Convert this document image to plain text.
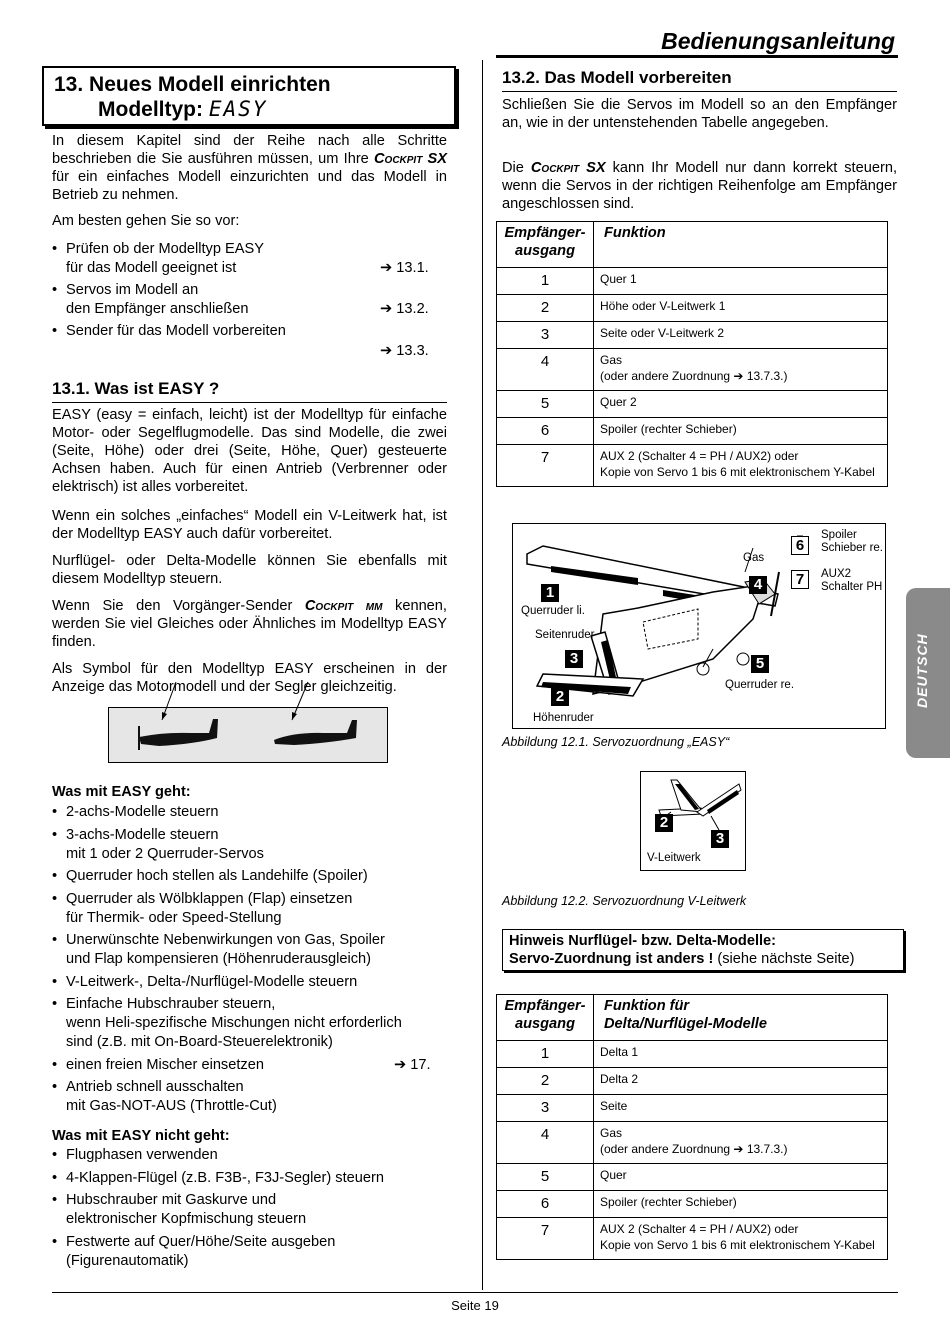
Bedienungsanleitung
13. Neues Modell einrichten
Modelltyp: EASY
In diesem Kapitel sind der Reihe nach alle Schritte beschrieben die Sie ausführen müssen, um Ihre Cockpit SX für ein einfaches Modell einzurichten und das Modell in Betrieb zu nehmen.
Am besten gehen Sie so vor:
• Prüfen ob der Modelltyp EASY
für das Modell geeignet ist	➔ 13.1.
• Servos im Modell an
den Empfänger anschließen	➔ 13.2.
• Sender für das Modell vorbereiten
➔ 13.3.
13.1. Was ist EASY ?
EASY (easy = einfach, leicht) ist der Modelltyp für einfache Motor- oder Segelflugmodelle. Das sind Modelle, die zwei (Seite, Höhe) oder drei (Seite, Höhe, Quer) gesteuerte Achsen haben. Auch für einen Antrieb (Verbrenner oder elektrisch) ist alles vorbereitet.
Wenn ein solches „einfaches“ Modell ein V-Leitwerk hat, ist der Modelltyp EASY auch dafür vorbereitet.
Nurflügel- oder Delta-Modelle können Sie ebenfalls mit diesem Modelltyp steuern.
Wenn Sie den Vorgänger-Sender Cockpit mm kennen, werden Sie viel Gleiches oder Ähnliches im Modelltyp EASY finden.
Als Symbol für den Modelltyp EASY erscheinen in der Anzeige das Motormodell und der Segler gleichzeitig.
Was mit EASY geht:
• 2-achs-Modelle steuern
• 3-achs-Modelle steuern
mit 1 oder 2 Querruder-Servos
• Querruder hoch stellen als Landehilfe (Spoiler)
• Querruder als Wölbklappen (Flap) einsetzen
für Thermik- oder Speed-Stellung
• Unerwünschte Nebenwirkungen von Gas, Spoiler
und Flap kompensieren (Höhenruderausgleich)
• V-Leitwerk-, Delta-/Nurflügel-Modelle steuern
• Einfache Hubschrauber steuern,
wenn Heli-spezifische Mischungen nicht erforderlich
sind (z.B. mit On-Board-Steuerelektronik)
• einen freien Mischer einsetzen	➔ 17.
• Antrieb schnell ausschalten
mit Gas-NOT-AUS (Throttle-Cut)
Was mit EASY nicht geht:
• Flugphasen verwenden
• 4-Klappen-Flügel (z.B. F3B-, F3J-Segler) steuern
• Hubschrauber mit Gaskurve und
elektronischer Kopfmischung steuern
• Festwerte auf Quer/Höhe/Seite ausgeben
(Figurenautomatik)
13.2. Das Modell vorbereiten
Schließen Sie die Servos im Modell so an den Empfänger an, wie in der untenstehenden Tabelle angegeben.
Die Cockpit SX kann Ihr Modell nur dann korrekt steuern, wenn die Servos in der richtigen Reihenfolge am Empfänger angeschlossen sind.
Empfänger-
ausgang	Funktion
1	Quer 1

2	Höhe oder V-Leitwerk 1

3	Seite oder V-Leitwerk 2

4	Gas
(oder andere Zuordnung ➔ 13.7.3.)

5	Quer 2

6	Spoiler (rechter Schieber)

7	AUX 2 (Schalter 4 = PH / AUX2) oder
Kopie von Servo 1 bis 6 mit elektronischem Y-Kabel
1
3
2
5
4
6
7
Spoiler
Schieber re.
AUX2
Schalter PH
Gas
Querruder li.
Seitenruder
Querruder re.
Höhenruder
Abbildung 12.1. Servozuordnung „EASY“
2
3
V-Leitwerk
Abbildung 12.2. Servozuordnung V-Leitwerk
Hinweis Nurflügel- bzw. Delta-Modelle:
Servo-Zuordnung ist anders ! (siehe nächste Seite)
Empfänger-
ausgang	Funktion für
Delta/Nurflügel-Modelle
1	Delta 1

2	Delta 2

3	Seite

4	Gas
(oder andere Zuordnung ➔ 13.7.3.)

5	Quer

6	Spoiler (rechter Schieber)

7	AUX 2 (Schalter 4 = PH / AUX2) oder
Kopie von Servo 1 bis 6 mit elektronischem Y-Kabel
DEUTSCH
Seite 19
